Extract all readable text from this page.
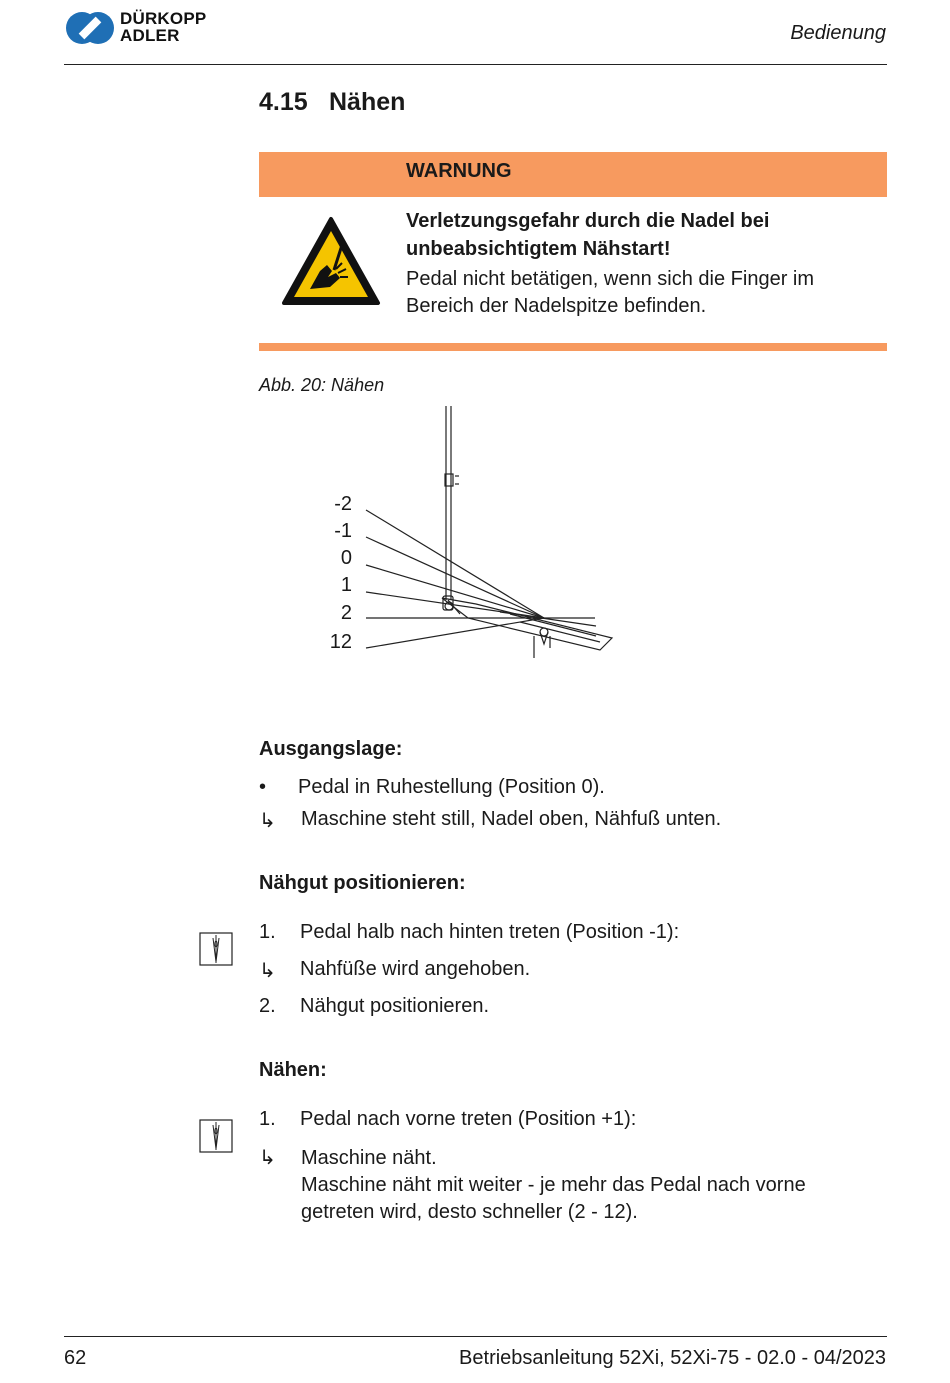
DÜRKOPP
ADLER	Bedienung
4.15 Nähen
WARNUNG
Verletzungsgefahr durch die Nadel bei unbeabsichtigtem Nähstart!
Pedal nicht betätigen, wenn sich die Finger im Bereich der Nadelspitze befinden.
Abb. 20: Nähen
-2
-1
0
1
2
12
Ausgangslage:
• Pedal in Ruhestellung (Position 0).
↳ Maschine steht still, Nadel oben, Nähfuß unten.
Nähgut positionieren:
1. Pedal halb nach hinten treten (Position -1):
↳ Nahfüße wird angehoben.
2. Nähgut positionieren.
Nähen:
1. Pedal nach vorne treten (Position +1):
↳ Maschine näht.
Maschine näht mit weiter - je mehr das Pedal nach vorne getreten wird, desto schneller (2 - 12).
62	Betriebsanleitung 52Xi, 52Xi-75 - 02.0 - 04/2023
